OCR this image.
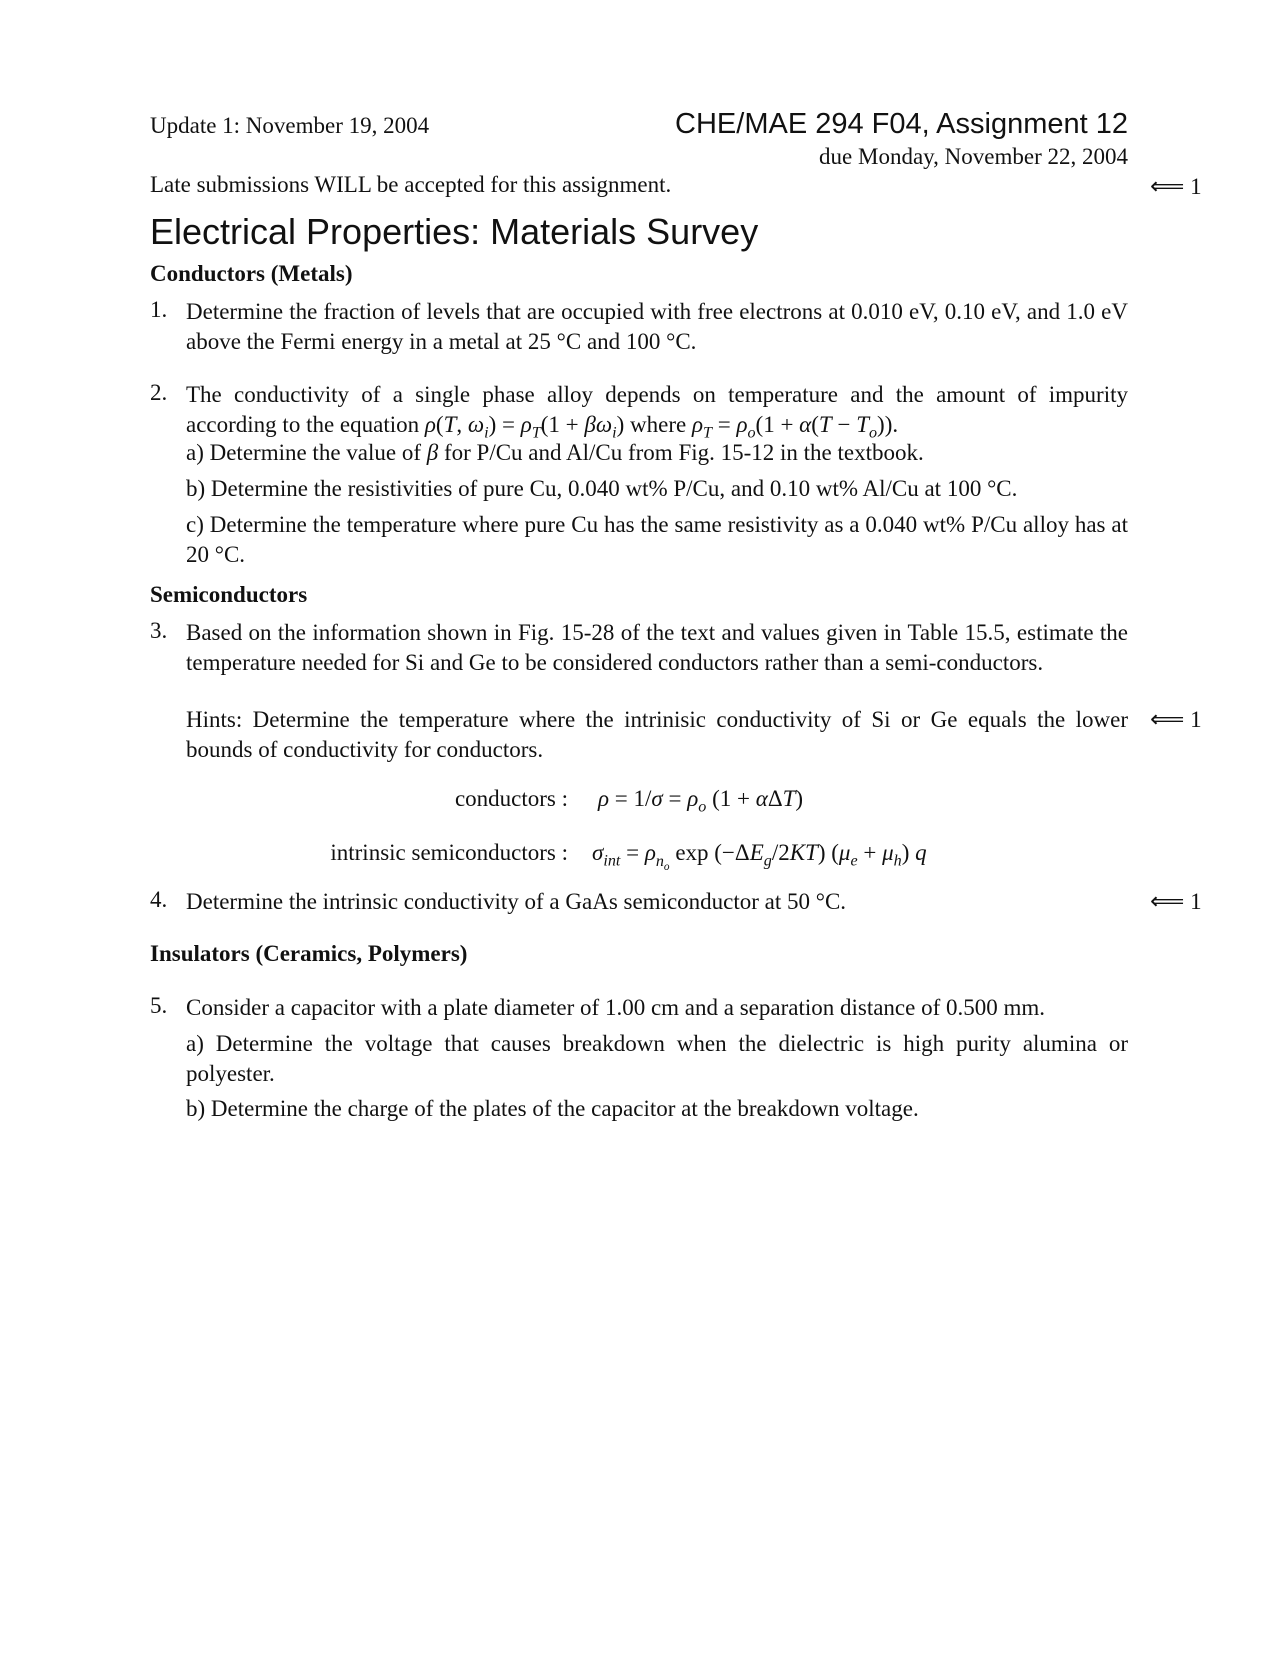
Update 1: November 19, 2004	CHE/MAE 294 F04, Assignment 12
due Monday, November 22, 2004
Late submissions WILL be accepted for this assignment.	⟸ 1
Electrical Properties: Materials Survey
Conductors (Metals)
1. Determine the fraction of levels that are occupied with free electrons at 0.010 eV, 0.10 eV, and 1.0 eV above the Fermi energy in a metal at 25 °C and 100 °C.
2. The conductivity of a single phase alloy depends on temperature and the amount of impurity
according to the equation ρ(T, $\omega_i) = \rho_T(1 + \beta\omega_i)$ where $\rho_T = \rho_o(1 + \alpha(T - T_o))$.
a) Determine the value of β for P/Cu and Al/Cu from Fig. 15-12 in the textbook.
b) Determine the resistivities of pure Cu, 0.040 wt% P/Cu, and 0.10 wt% Al/Cu at 100 °C.
c) Determine the temperature where pure Cu has the same resistivity as a 0.040 wt% P/Cu alloy has at 20 °C.
Semiconductors
3. Based on the information shown in Fig. 15-28 of the text and values given in Table 15.5, estimate the temperature needed for Si and Ge to be considered conductors rather than a semi-conductors.
Hints: Determine the temperature where the intrinisic conductivity of Si or Ge equals the lower bounds of conductivity for conductors.
⟸ 1
conductors : $\rho = 1/\sigma = \rho_o$ (1 + αΔT)
intrinsic semiconductors : $\sigma_{int} = \rho_{n_o}$ $\exp (-\Delta E_g/2KT) (\mu_e + \mu_h)$ q
4. Determine the intrinsic conductivity of a GaAs semiconductor at 50 °C.	⟸ 1
Insulators (Ceramics, Polymers)
5. Consider a capacitor with a plate diameter of 1.00 cm and a separation distance of 0.500 mm.
a) Determine the voltage that causes breakdown when the dielectric is high purity alumina or polyester.
b) Determine the charge of the plates of the capacitor at the breakdown voltage.
